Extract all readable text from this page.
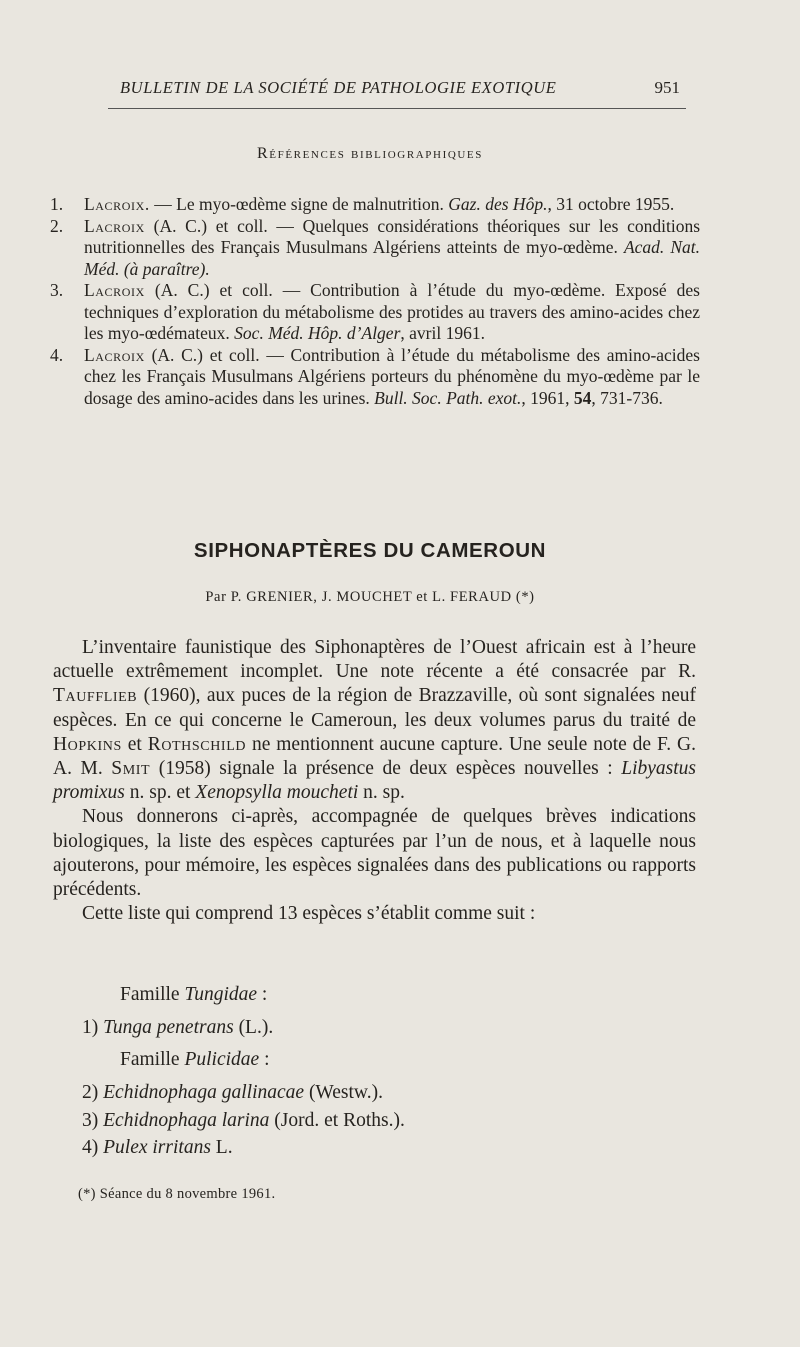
BULLETIN DE LA SOCIÉTÉ DE PATHOLOGIE EXOTIQUE	951
Références bibliographiques
1. Lacroix. — Le myo-œdème signe de malnutrition. Gaz. des Hôp., 31 octobre 1955.
2. Lacroix (A. C.) et coll. — Quelques considérations théoriques sur les conditions nutritionnelles des Français Musulmans Algériens atteints de myo-œdème. Acad. Nat. Méd. (à paraître).
3. Lacroix (A. C.) et coll. — Contribution à l’étude du myo-œdème. Exposé des techniques d’exploration du métabolisme des protides au travers des amino-acides chez les myo-œdémateux. Soc. Méd. Hôp. d’Alger, avril 1961.
4. Lacroix (A. C.) et coll. — Contribution à l’étude du métabolisme des amino-acides chez les Français Musulmans Algériens porteurs du phénomène du myo-œdème par le dosage des amino-acides dans les urines. Bull. Soc. Path. exot., 1961, 54, 731-736.
SIPHONAPTÈRES DU CAMEROUN
Par P. GRENIER, J. MOUCHET et L. FERAUD (*)

L’inventaire faunistique des Siphonaptères de l’Ouest africain est à l’heure actuelle extrêmement incomplet. Une note récente a été consacrée par R. Taufflieb (1960), aux puces de la région de Brazzaville, où sont signalées neuf espèces. En ce qui concerne le Cameroun, les deux volumes parus du traité de Hopkins et Rothschild ne mentionnent aucune capture. Une seule note de F. G. A. M. Smit (1958) signale la présence de deux espèces nouvelles : Libyastus promixus n. sp. et Xenopsylla moucheti n. sp.

Nous donnerons ci-après, accompagnée de quelques brèves indications biologiques, la liste des espèces capturées par l’un de nous, et à laquelle nous ajouterons, pour mémoire, les espèces signalées dans des publications ou rapports précédents.

Cette liste qui comprend 13 espèces s’établit comme suit :

Famille Tungidae :
1) Tunga penetrans (L.).
Famille Pulicidae :
2) Echidnophaga gallinacae (Westw.).
3) Echidnophaga larina (Jord. et Roths.).
4) Pulex irritans L.
(*) Séance du 8 novembre 1961.
